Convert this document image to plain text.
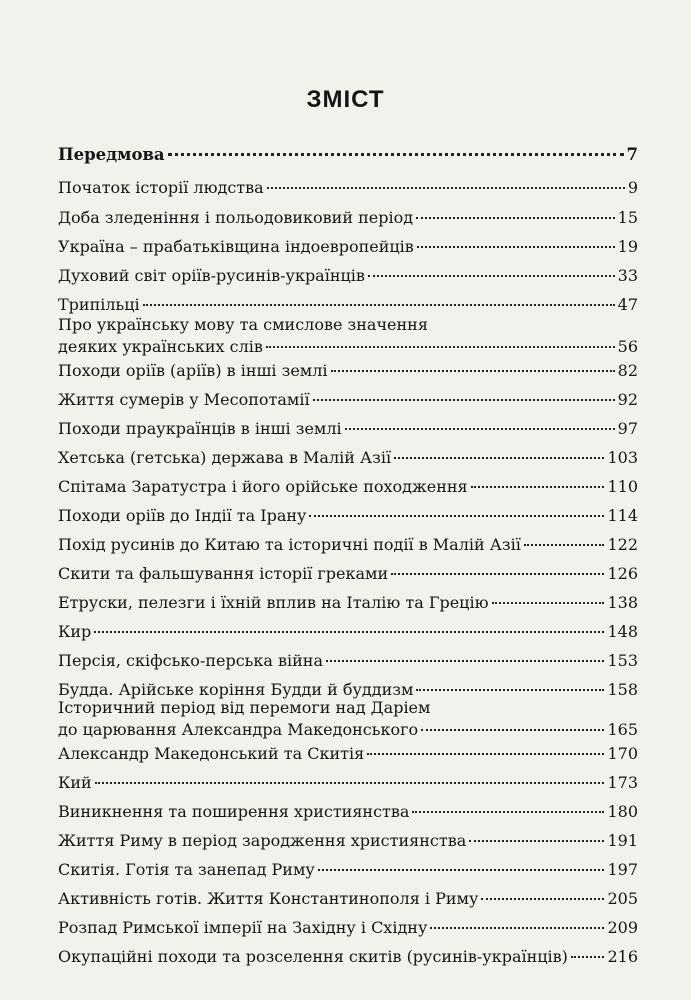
ЗМІСТ
Передмова	7
Початок історії людства	9
Доба зледеніння і польодовиковий період	15
Україна – прабатьківщина індоевропейців	19
Духовий світ оріїв-русинів-українців	33
Трипільці	47
Про українську мову та смислове значення
деяких українських слів	56
Походи оріїв (аріїв) в інші землі	82
Життя сумерів у Месопотамії	92
Походи праукраїнців в інші землі	97
Хетська (гетська) держава в Малій Азії	103
Спітама Заратустра і його орійське походження	110
Походи оріїв до Індії та Ірану	114
Похід русинів до Китаю та історичні події в Малій Азії	122
Скити та фальшування історії греками	126
Етруски, пелезги і їхній вплив на Італію та Грецію	138
Кир	148
Персія, скіфсько-перська війна	153
Будда. Арійське коріння Будди й буддизм	158
Історичний період від перемоги над Даріем
до царювання Александра Македонського	165
Александр Македонський та Скитія	170
Кий	173
Виникнення та поширення християнства	180
Життя Риму в період зародження християнства	191
Скитія. Готія та занепад Риму	197
Активність готів. Життя Константинополя і Риму	205
Розпад Римської імперії на Західну і Східну	209
Окупаційні походи та розселення скитів (русинів-українців) 216
